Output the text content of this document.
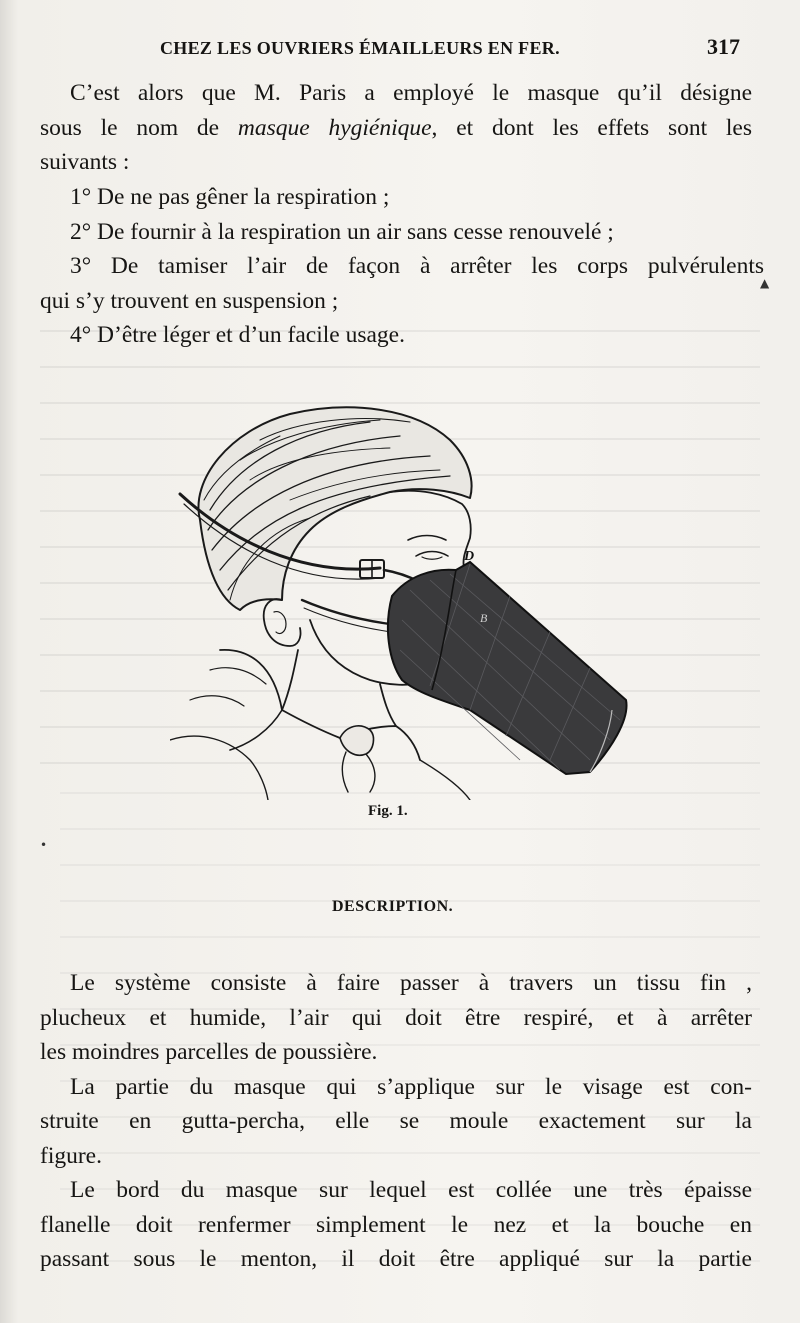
CHEZ LES OUVRIERS ÉMAILLEURS EN FER.	317
C’est alors que M. Paris a employé le masque qu’il désigne
sous le nom de masque hygiénique, et dont les effets sont les
suivants :
1° De ne pas gêner la respiration ;
2° De fournir à la respiration un air sans cesse renouvelé ;
3° De tamiser l’air de façon à arrêter les corps pulvérulents
qui s’y trouvent en suspension ;
4° D’être léger et d’un facile usage.
▲
D
B
Fig. 1.
•
DESCRIPTION.
Le système consiste à faire passer à travers un tissu fin ,
plucheux et humide, l’air qui doit être respiré, et à arrêter
les moindres parcelles de poussière.
La partie du masque qui s’applique sur le visage est con-
struite en gutta-percha, elle se moule exactement sur la
figure.
Le bord du masque sur lequel est collée une très épaisse
flanelle doit renfermer simplement le nez et la bouche en
passant sous le menton, il doit être appliqué sur la partie
